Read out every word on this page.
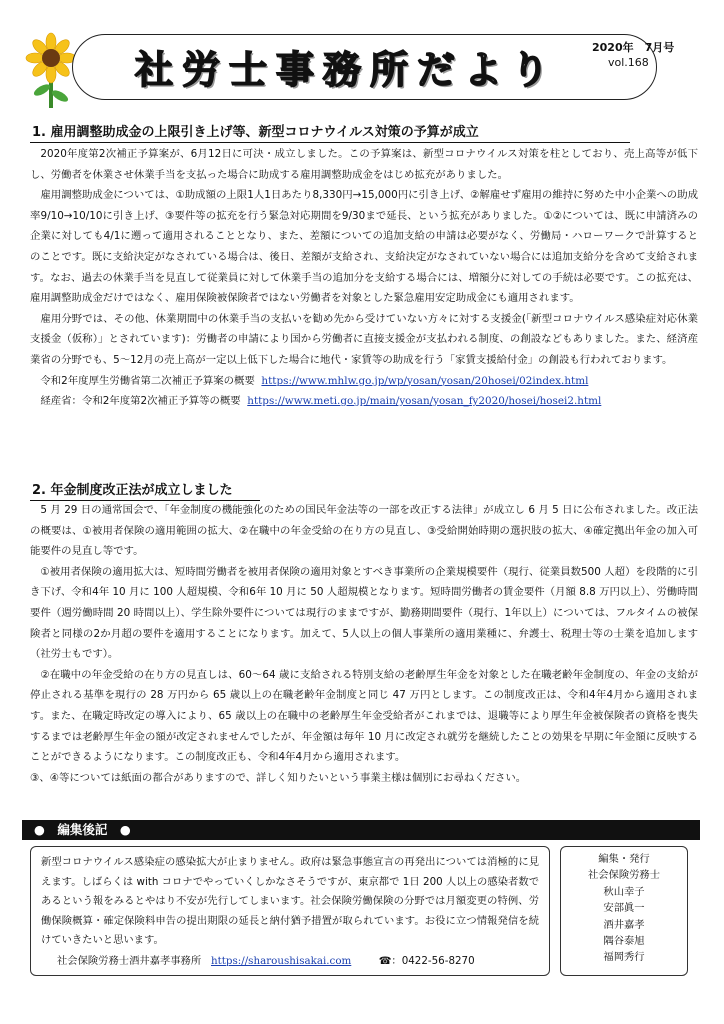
社労士事務所だより
2020年　7月号
vol.168
1. 雇用調整助成金の上限引き上げ等、新型コロナウイルス対策の予算が成立

2020年度第2次補正予算案が、6月12日に可決・成立しました。この予算案は、新型コロナウイルス対策を柱としており、売上高等が低下し、労働者を休業させ休業手当を支払った場合に助成する雇用調整助成金をはじめ拡充がありました。

雇用調整助成金については、①助成額の上限1人1日あたり8,330円→15,000円に引き上げ、②解雇せず雇用の維持に努めた中小企業への助成率9/10→10/10に引き上げ、③要件等の拡充を行う緊急対応期間を9/30まで延長、という拡充がありました。①②については、既に申請済みの企業に対しても4/1に遡って適用されることとなり、また、差額についての追加支給の申請は必要がなく、労働局・ハローワークで計算するとのことです。既に支給決定がなされている場合は、後日、差額が支給され、支給決定がなされていない場合には追加支給分を含めて支給されます。なお、過去の休業手当を見直して従業員に対して休業手当の追加分を支給する場合には、増額分に対しての手続は必要です。この拡充は、雇用調整助成金だけではなく、雇用保険被保険者ではない労働者を対象とした緊急雇用安定助成金にも適用されます。

雇用分野では、その他、休業期間中の休業手当の支払いを勧め先から受けていない方々に対する支援金(「新型コロナウイルス感染症対応休業支援金（仮称）」とされています)：労働者の申請により国から労働者に直接支援金が支払われる制度、の創設などもありました。また、経済産業省の分野でも、5～12月の売上高が一定以上低下した場合に地代・家賃等の助成を行う「家賃支援給付金」の創設も行われております。

令和2年度厚生労働省第二次補正予算案の概要 https://www.mhlw.go.jp/wp/yosan/yosan/20hosei/02index.html

経産省：令和2年度第2次補正予算等の概要 https://www.meti.go.jp/main/yosan/yosan_fy2020/hosei/hosei2.html

2. 年金制度改正法が成立しました

5 月 29 日の通常国会で、「年金制度の機能強化のための国民年金法等の一部を改正する法律」が成立し 6 月 5 日に公布されました。改正法の概要は、①被用者保険の適用範囲の拡大、②在職中の年金受給の在り方の見直し、③受給開始時期の選択肢の拡大、④確定拠出年金の加入可能要件の見直し等です。

①被用者保険の適用拡大は、短時間労働者を被用者保険の適用対象とすべき事業所の企業規模要件（現行、従業員数500 人超）を段階的に引き下げ、令和4年 10 月に 100 人超規模、令和6年 10 月に 50 人超規模となります。短時間労働者の賃金要件（月額 8.8 万円以上）、労働時間要件（週労働時間 20 時間以上）、学生除外要件については現行のままですが、勤務期間要件（現行、1年以上）については、フルタイムの被保険者と同様の2か月超の要件を適用することになります。加えて、5人以上の個人事業所の適用業種に、弁護士、税理士等の士業を追加します（社労士もです）。

②在職中の年金受給の在り方の見直しは、60～64 歳に支給される特別支給の老齢厚生年金を対象とした在職老齢年金制度の、年金の支給が停止される基準を現行の 28 万円から 65 歳以上の在職老齢年金制度と同じ 47 万円とします。この制度改正は、令和4年4月から適用されます。また、在職定時改定の導入により、65 歳以上の在職中の老齢厚生年金受給者がこれまでは、退職等により厚生年金被保険者の資格を喪失するまでは老齢厚生年金の額が改定されませんでしたが、年金額は毎年 10 月に改定され就労を継続したことの効果を早期に年金額に反映することができるようになります。この制度改正も、令和4年4月から適用されます。

③、④等については紙面の都合がありますので、詳しく知りたいという事業主様は個別にお尋ねください。

●　編集後記　●
新型コロナウイルス感染症の感染拡大が止まりません。政府は緊急事態宣言の再発出については消極的に見えます。しばらくは with コロナでやっていくしかなさそうですが、東京都で 1日 200 人以上の感染者数であるという報をみるとやはり不安が先行してしまいます。社会保険労働保険の分野では月額変更の特例、労働保険概算・確定保険料申告の提出期限の延長と納付猶予措置が取られています。お役に立つ情報発信を続けていきたいと思います。
社会保険労務士酒井嘉孝事務所 https://sharoushisakai.com	☎：0422-56-8270
編集・発行
社会保険労務士
秋山幸子
安部眞一
酒井嘉孝
隅谷泰旭
福岡秀行
